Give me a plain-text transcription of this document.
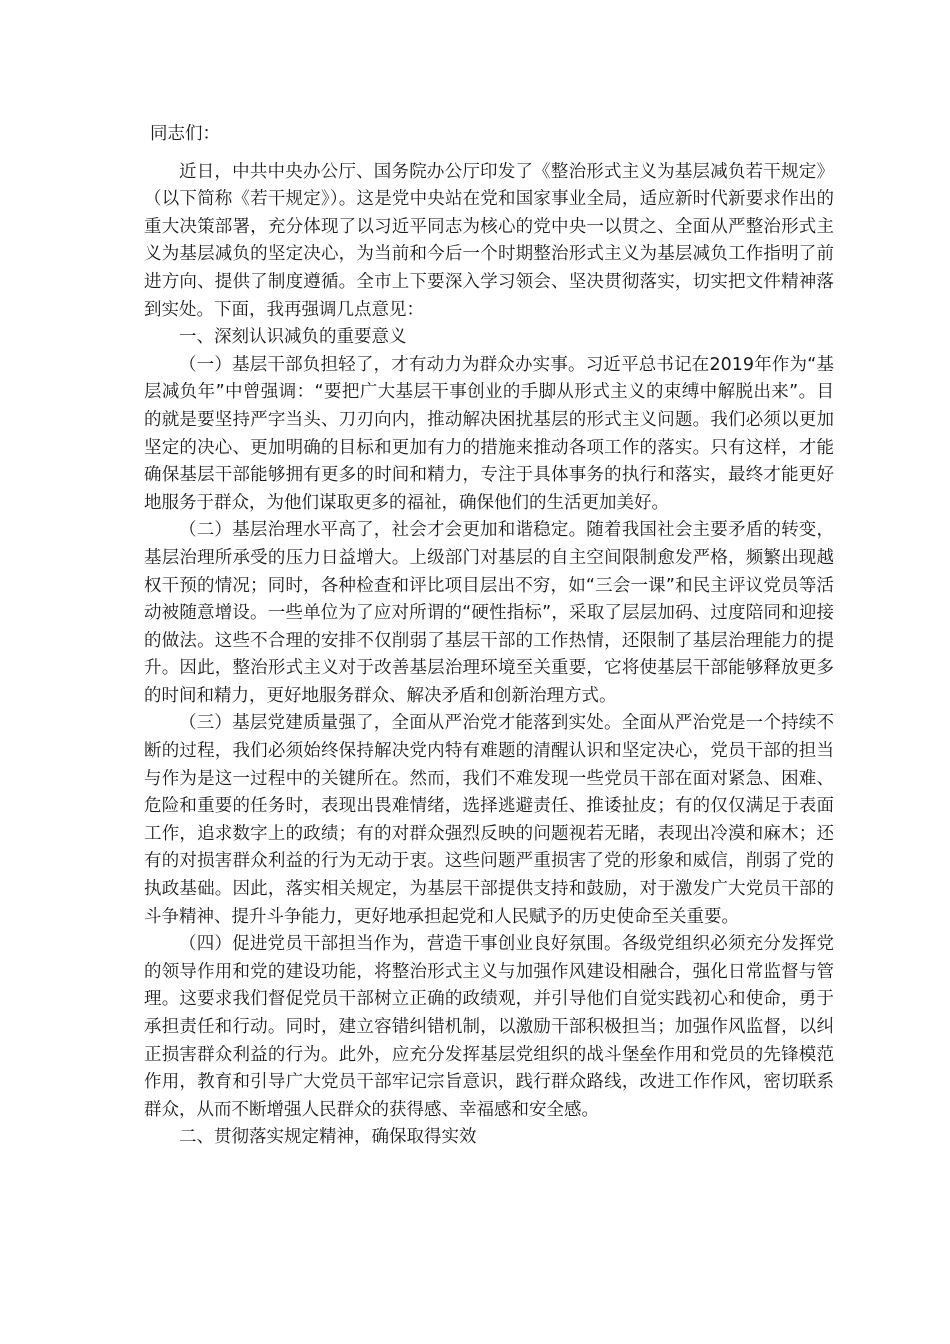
同志们：

近日，中共中央办公厅、国务院办公厅印发了《整治形式主义为基层减负若干规定》（以下简称《若干规定》）。这是党中央站在党和国家事业全局，适应新时代新要求作出的重大决策部署，充分体现了以习近平同志为核心的党中央一以贯之、全面从严整治形式主义为基层减负的坚定决心，为当前和今后一个时期整治形式主义为基层减负工作指明了前进方向、提供了制度遵循。全市上下要深入学习领会、坚决贯彻落实，切实把文件精神落到实处。下面，我再强调几点意见：

一、深刻认识减负的重要意义

（一）基层干部负担轻了，才有动力为群众办实事。习近平总书记在2019年作为“基层减负年”中曾强调：“要把广大基层干事创业的手脚从形式主义的束缚中解脱出来”。目的就是要坚持严字当头、刀刃向内，推动解决困扰基层的形式主义问题。我们必须以更加坚定的决心、更加明确的目标和更加有力的措施来推动各项工作的落实。只有这样，才能确保基层干部能够拥有更多的时间和精力，专注于具体事务的执行和落实，最终才能更好地服务于群众，为他们谋取更多的福祉，确保他们的生活更加美好。

（二）基层治理水平高了，社会才会更加和谐稳定。随着我国社会主要矛盾的转变，基层治理所承受的压力日益增大。上级部门对基层的自主空间限制愈发严格，频繁出现越权干预的情况；同时，各种检查和评比项目层出不穷，如“三会一课”和民主评议党员等活动被随意增设。一些单位为了应对所谓的“硬性指标”，采取了层层加码、过度陪同和迎接的做法。这些不合理的安排不仅削弱了基层干部的工作热情，还限制了基层治理能力的提升。因此，整治形式主义对于改善基层治理环境至关重要，它将使基层干部能够释放更多的时间和精力，更好地服务群众、解决矛盾和创新治理方式。

（三）基层党建质量强了，全面从严治党才能落到实处。全面从严治党是一个持续不断的过程，我们必须始终保持解决党内特有难题的清醒认识和坚定决心，党员干部的担当与作为是这一过程中的关键所在。然而，我们不难发现一些党员干部在面对紧急、困难、危险和重要的任务时，表现出畏难情绪，选择逃避责任、推诿扯皮；有的仅仅满足于表面工作，追求数字上的政绩；有的对群众强烈反映的问题视若无睹，表现出冷漠和麻木；还有的对损害群众利益的行为无动于衷。这些问题严重损害了党的形象和威信，削弱了党的执政基础。因此，落实相关规定，为基层干部提供支持和鼓励，对于激发广大党员干部的斗争精神、提升斗争能力，更好地承担起党和人民赋予的历史使命至关重要。

（四）促进党员干部担当作为，营造干事创业良好氛围。各级党组织必须充分发挥党的领导作用和党的建设功能，将整治形式主义与加强作风建设相融合，强化日常监督与管理。这要求我们督促党员干部树立正确的政绩观，并引导他们自觉实践初心和使命，勇于承担责任和行动。同时，建立容错纠错机制，以激励干部积极担当；加强作风监督，以纠正损害群众利益的行为。此外，应充分发挥基层党组织的战斗堡垒作用和党员的先锋模范作用，教育和引导广大党员干部牢记宗旨意识，践行群众路线，改进工作作风，密切联系群众，从而不断增强人民群众的获得感、幸福感和安全感。

二、贯彻落实规定精神，确保取得实效
